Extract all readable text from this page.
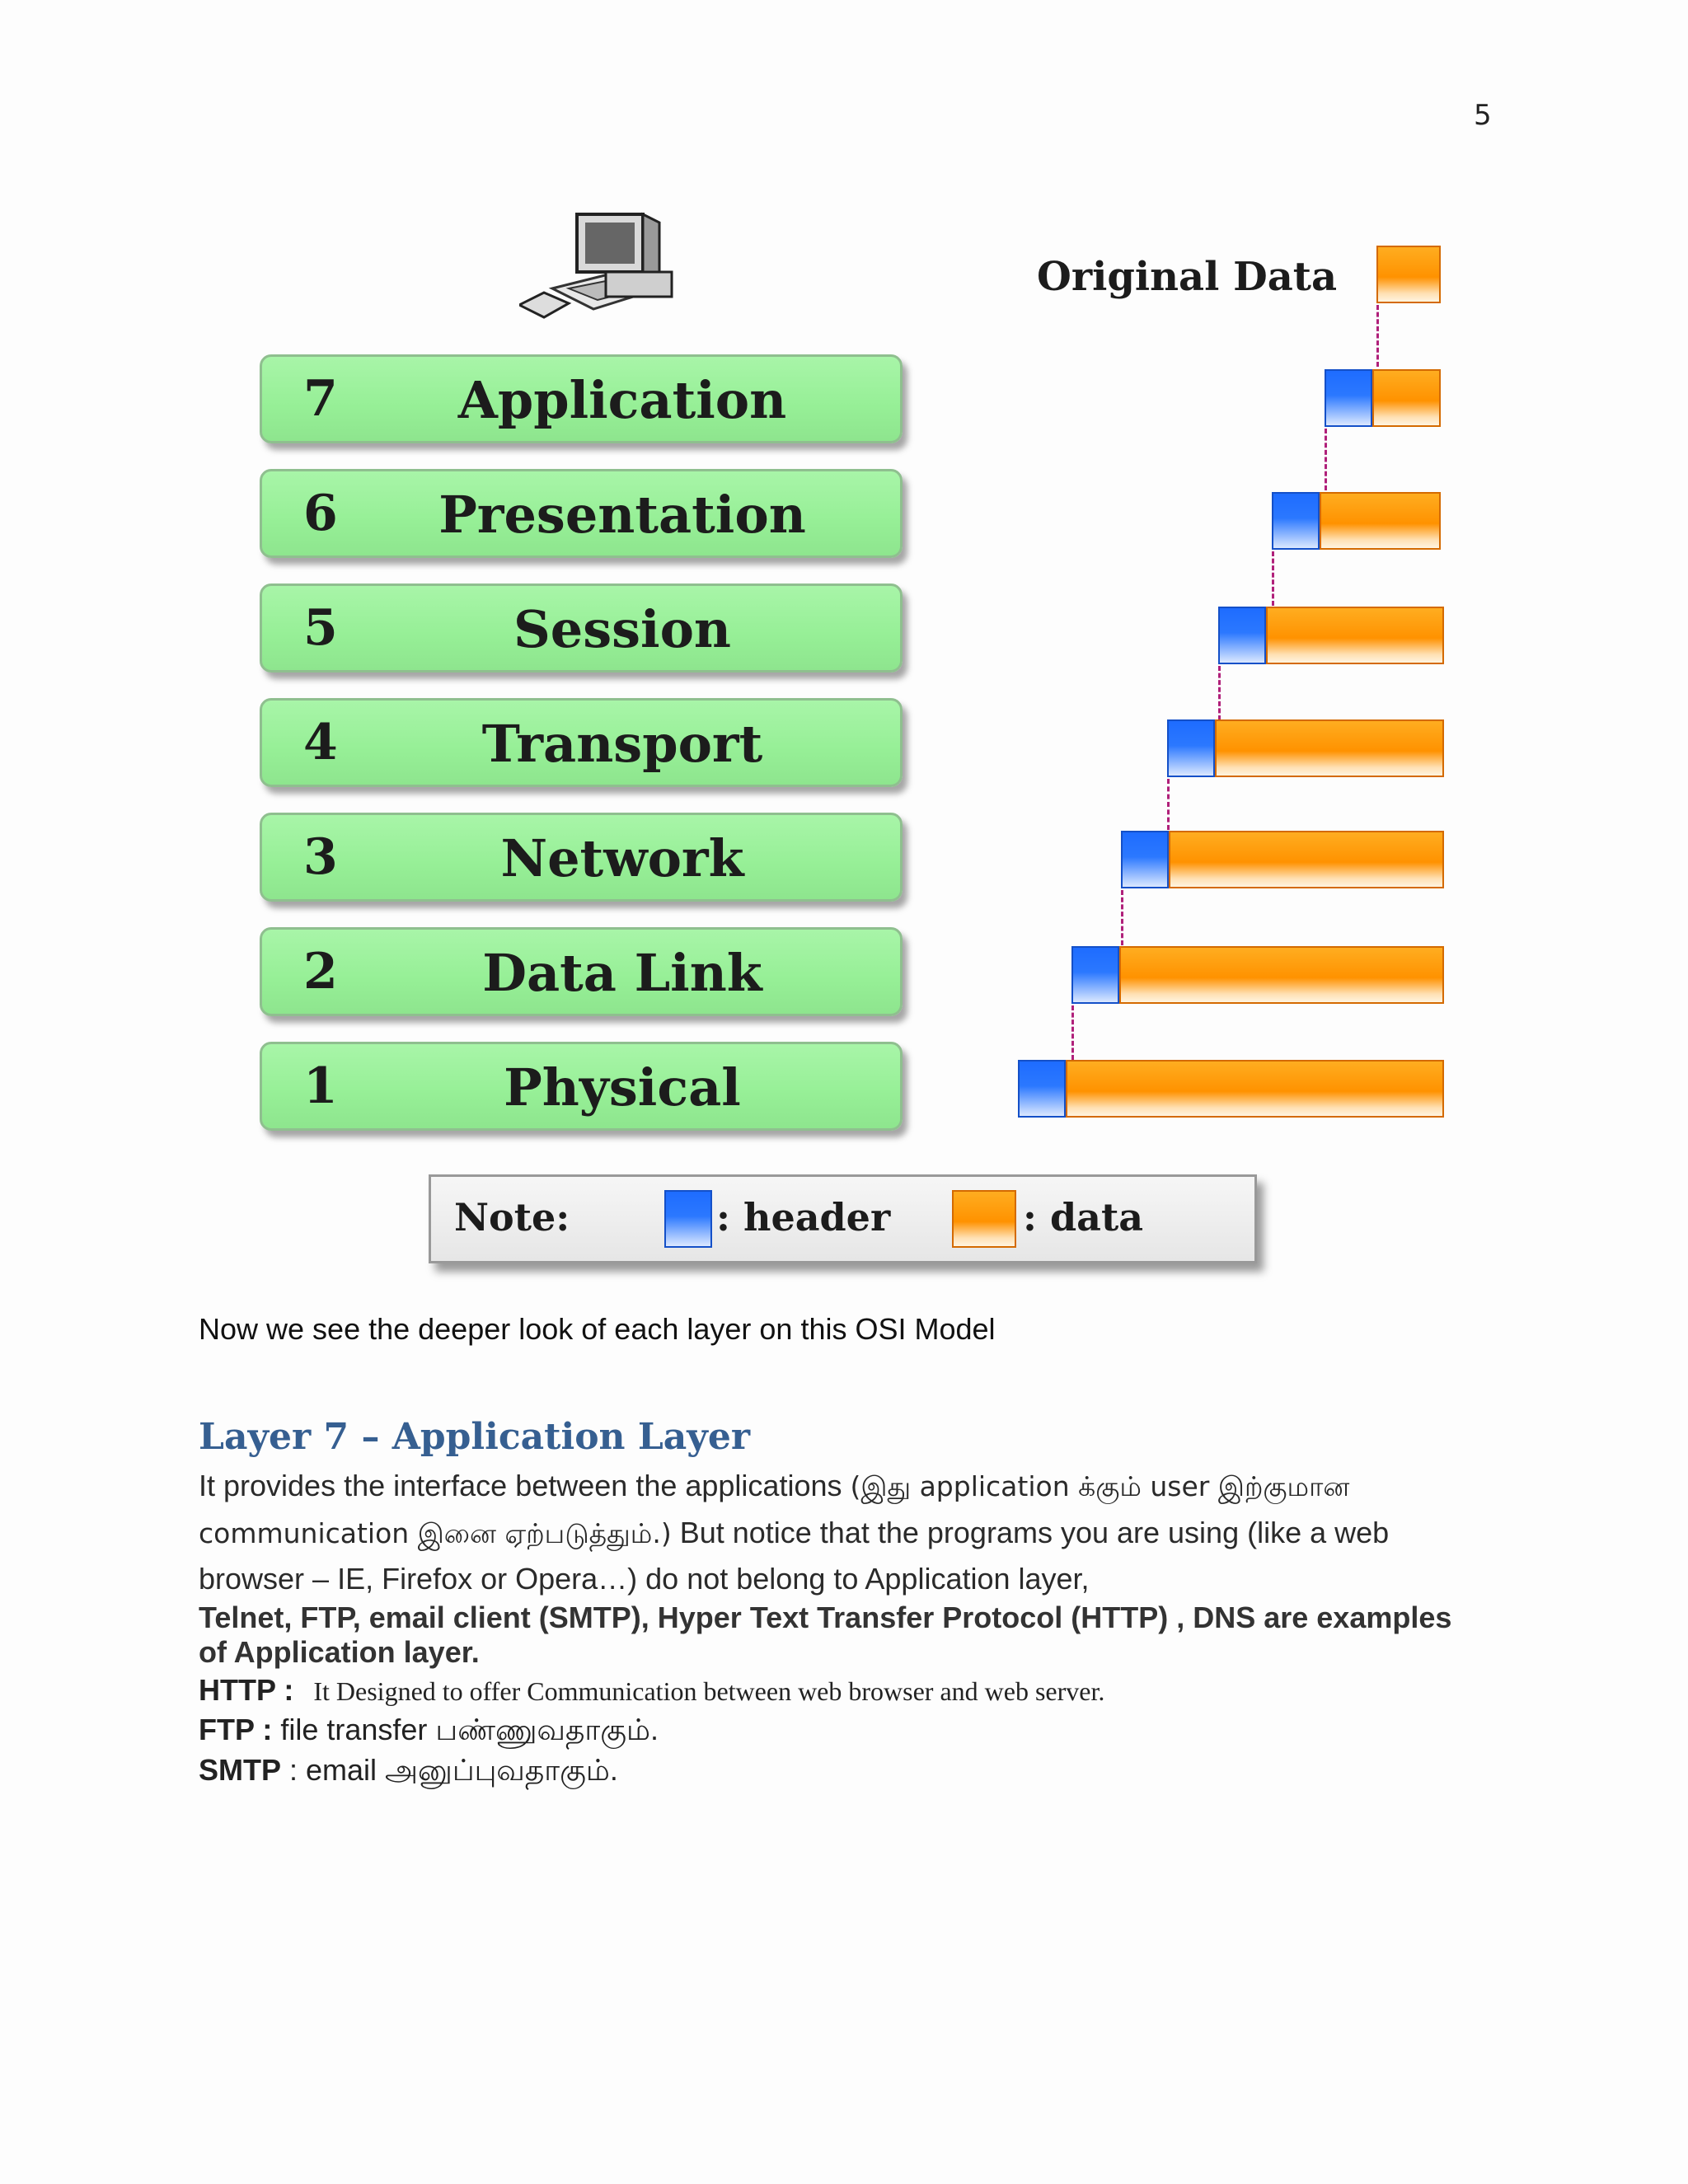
5
7	Application
6	Presentation
5	Session
4	Transport
3	Network
2	Data Link
1	Physical
Original Data
Note:	: header	: data
Now we see the deeper look of each layer on this OSI Model
Layer 7 – Application Layer
It provides the interface between the applications (இது application க்கும் user இற்குமான
communication இனை ஏற்படுத்தும்.) But notice that the programs you are using (like a web
browser – IE, Firefox or Opera…) do not belong to Application layer,
Telnet, FTP, email client (SMTP), Hyper Text Transfer Protocol (HTTP) , DNS are examples of Application layer.
HTTP : It Designed to offer Communication between web browser and web server.
FTP : file transfer பண்ணுவதாகும்.
SMTP : email அனுப்புவதாகும்.
